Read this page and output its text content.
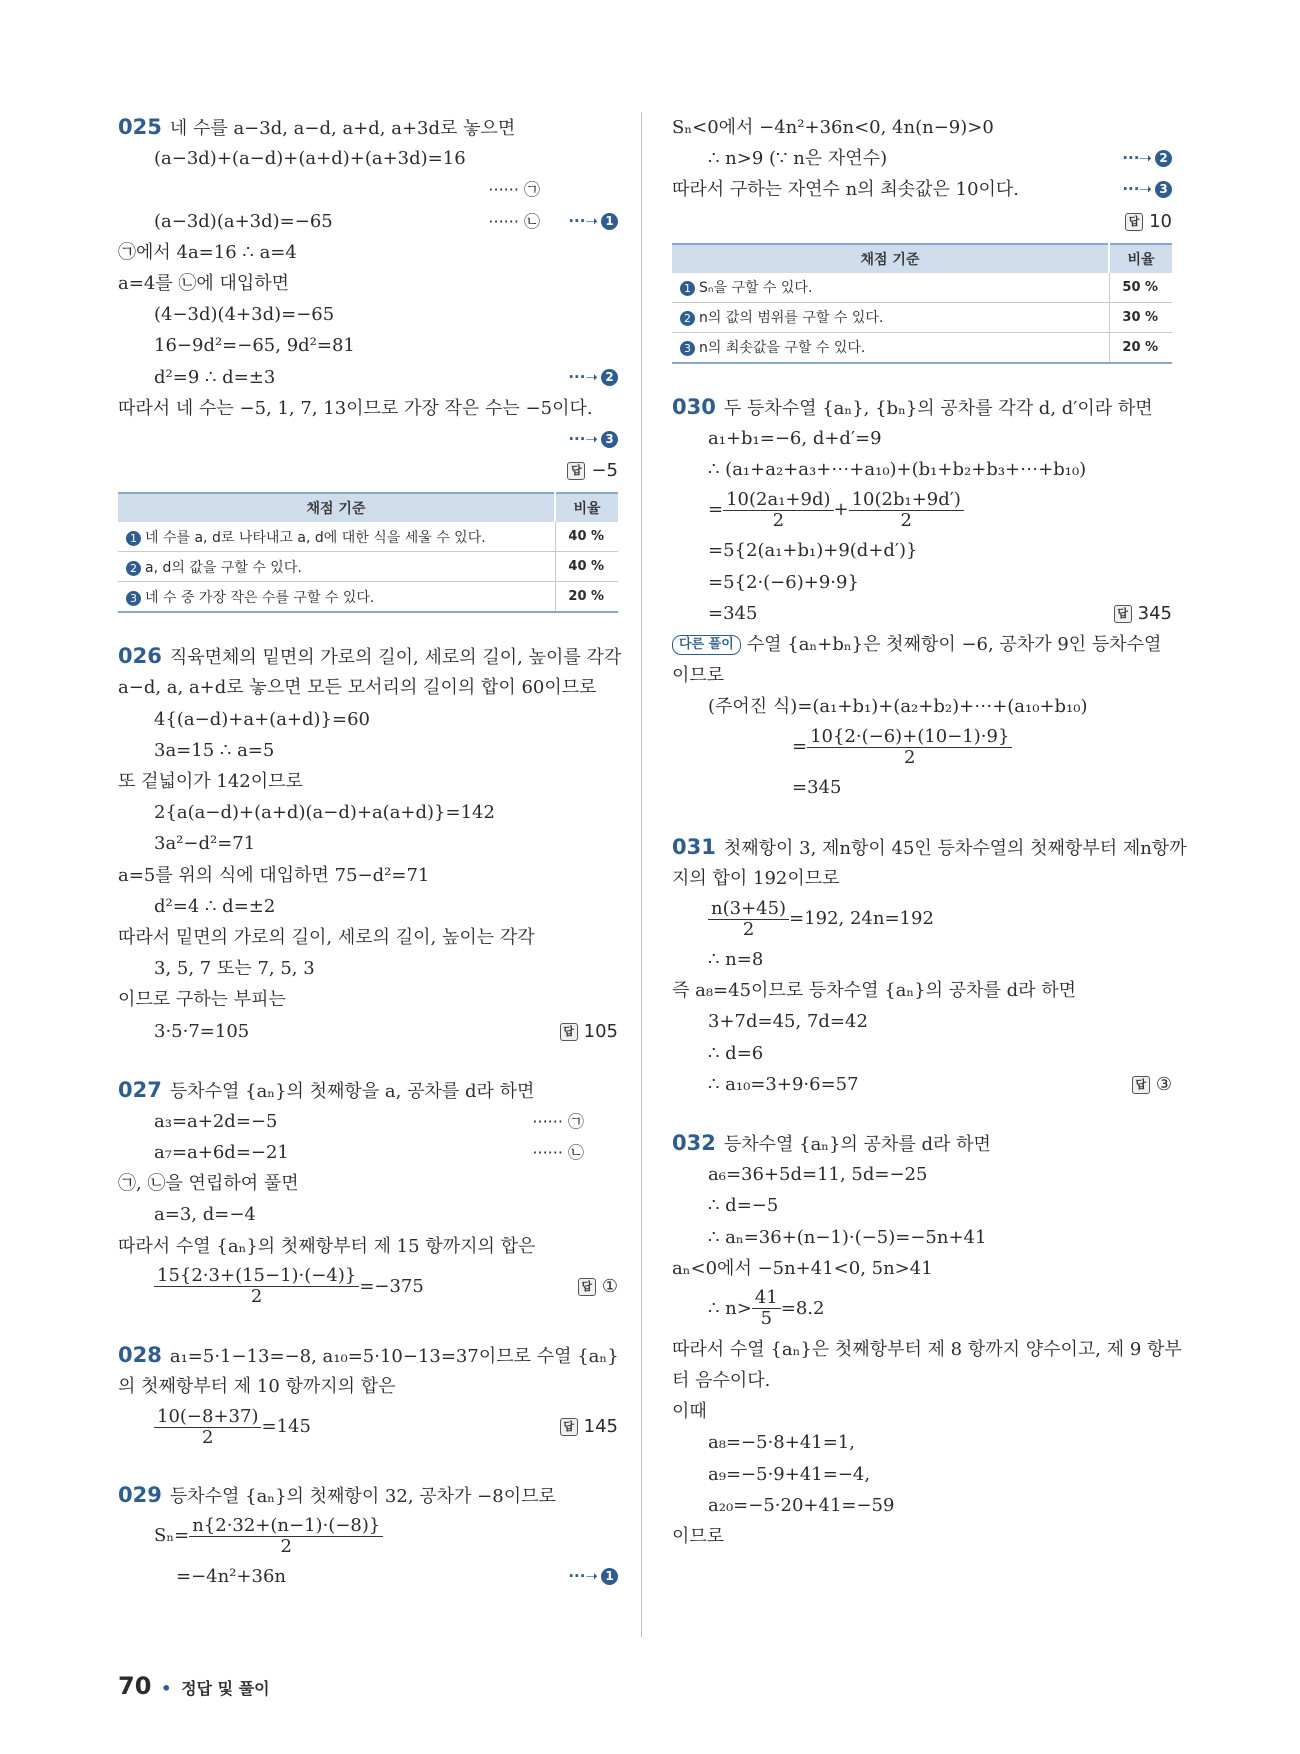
025 네 수를 a−3d, a−d, a+d, a+3d로 놓으면
(a−3d)+(a−d)+(a+d)+(a+3d)=16
······ ㉠
(a−3d)(a+3d)=−65	······ ㉡ ···➝ 1
㉠에서 4a=16 ∴ a=4
a=4를 ㉡에 대입하면
(4−3d)(4+3d)=−65
16−9d²=−65, 9d²=81
d²=9 ∴ d=±3	···➝ 2
따라서 네 수는 −5, 1, 7, 13이므로 가장 작은 수는 −5이다.
···➝ 3
답 −5
채점 기준	비율
1 네 수를 a, d로 나타내고 a, d에 대한 식을 세울 수 있다.	40 %
2 a, d의 값을 구할 수 있다.	40 %
3 네 수 중 가장 작은 수를 구할 수 있다.	20 %
026 직육면체의 밑면의 가로의 길이, 세로의 길이, 높이를 각각
a−d, a, a+d로 놓으면 모든 모서리의 길이의 합이 60이므로
4{(a−d)+a+(a+d)}=60
3a=15 ∴ a=5
또 겉넓이가 142이므로
2{a(a−d)+(a+d)(a−d)+a(a+d)}=142
3a²−d²=71
a=5를 위의 식에 대입하면 75−d²=71
d²=4 ∴ d=±2
따라서 밑면의 가로의 길이, 세로의 길이, 높이는 각각
3, 5, 7 또는 7, 5, 3
이므로 구하는 부피는
3·5·7=105	답 105
027 등차수열 {aₙ}의 첫째항을 a, 공차를 d라 하면
a₃=a+2d=−5	······ ㉠
a₇=a+6d=−21	······ ㉡
㉠, ㉡을 연립하여 풀면
a=3, d=−4
따라서 수열 {aₙ}의 첫째항부터 제 15 항까지의 합은
$\frac{15\{2\cdot 3+(15-1)\cdot(-4)\}}{2} =-375$	답 ①
028 a₁=5·1−13=−8, a₁₀=5·10−13=37이므로 수열 {aₙ}
의 첫째항부터 제 10 항까지의 합은
$\frac{10(-8+37)}{2} =145$	답 145
029 등차수열 {aₙ}의 첫째항이 32, 공차가 −8이므로
$S_n= \frac{n\{2\cdot 32+(n-1)\cdot(-8)\}}{2}$
=−4n²+36n	···➝ 1
Sₙ<0에서 −4n²+36n<0, 4n(n−9)>0
∴ n>9 (∵ n은 자연수)	···➝ 2
따라서 구하는 자연수 n의 최솟값은 10이다.	···➝ 3
답 10
채점 기준	비율
1 Sₙ을 구할 수 있다.	50 %
2 n의 값의 범위를 구할 수 있다.	30 %
3 n의 최솟값을 구할 수 있다.	20 %
030 두 등차수열 {aₙ}, {bₙ}의 공차를 각각 d, d′이라 하면
a₁+b₁=−6, d+d′=9
∴ (a₁+a₂+a₃+⋯+a₁₀)+(b₁+b₂+b₃+⋯+b₁₀)
= $\frac{\text{10(2a₁+9d)}}{2} + \frac{\text{10(2b₁+9d′)}}{2}$
=5{2(a₁+b₁)+9(d+d′)}
=5{2·(−6)+9·9}
=345	답 345
다른 풀이 수열 {aₙ+bₙ}은 첫째항이 −6, 공차가 9인 등차수열
이므로
(주어진 식)=(a₁+b₁)+(a₂+b₂)+⋯+(a₁₀+b₁₀)
= $\frac{10\{2\cdot(-6)+(10-1)\cdot 9\}}{2}$
=345
031 첫째항이 3, 제n항이 45인 등차수열의 첫째항부터 제n항까
지의 합이 192이므로
$\frac{n(3+45)}{2} =192$, 24n=192
∴ n=8
즉 a₈=45이므로 등차수열 {aₙ}의 공차를 d라 하면
3+7d=45, 7d=42
∴ d=6
∴ a₁₀=3+9·6=57	답 ③
032 등차수열 {aₙ}의 공차를 d라 하면
a₆=36+5d=11, 5d=−25
∴ d=−5
∴ aₙ=36+(n−1)·(−5)=−5n+41
aₙ<0에서 −5n+41<0, 5n>41
∴ $n> \frac{41}{5} =8.2$
따라서 수열 {aₙ}은 첫째항부터 제 8 항까지 양수이고, 제 9 항부
터 음수이다.
이때
a₈=−5·8+41=1,
a₉=−5·9+41=−4,
a₂₀=−5·20+41=−59
이므로
70 • 정답 및 풀이
